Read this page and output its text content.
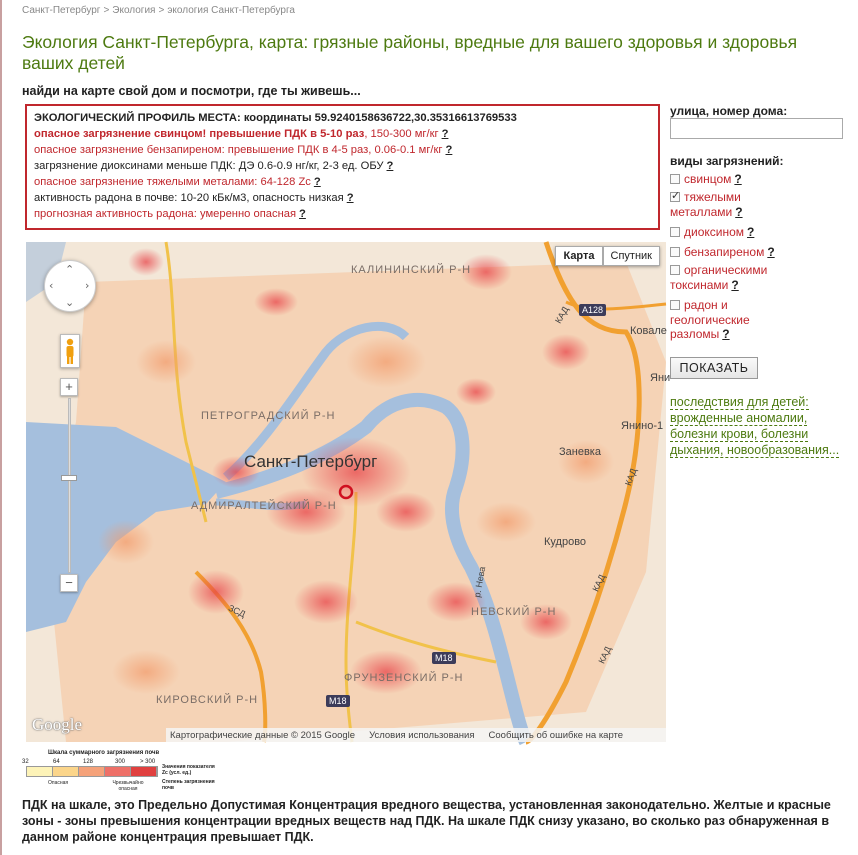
Санкт-Петербург > Экология > экология Санкт-Петербурга
Экология Санкт-Петербурга, карта: грязные районы, вредные для вашего здоровья и здоровья ваших детей
найди на карте свой дом и посмотри, где ты живешь...
ЭКОЛОГИЧЕСКИЙ ПРОФИЛЬ МЕСТА: координаты 59.9240158636722,30.35316613769533
опасное загрязнение свинцом! превышение ПДК в 5-10 раз, 150-300 мг/кг ?
опасное загрязнение бензапиреном: превышение ПДК в 4-5 раз, 0.06-0.1 мг/кг ?
загрязнение диоксинами меньше ПДК: ДЭ 0.6-0.9 нг/кг, 2-3 ед. ОБУ ?
опасное загрязнение тяжелыми металами: 64-128 Zc ?
активность радона в почве: 10-20 кБк/м3, опасность низкая ?
прогнозная активность радона: умеренно опасная ?
Карта	Спутник
⌃
⌄
‹	›
+
−
КАЛИНИНСКИЙ Р-Н
ПЕТРОГРАДСКИЙ Р-Н
АДМИРАЛТЕЙСКИЙ Р-Н
НЕВСКИЙ Р-Н
ФРУНЗЕНСКИЙ Р-Н
КИРОВСКИЙ Р-Н
Санкт-Петербург	Заневка
Янино-1
Кудрово
Ковале
Яни
А128
КАД
КАД
КАД
КАД
М18
М18
ЗСД
р. Нева
Google
Картографические данные © 2015 Google Условия использования Сообщить об ошибке на карте
улица, номер дома:
виды загрязнений:
свинцом ?
✓тяжелыми металлами ?
диоксином ?
бензапиреном ?
органическими токсинами ?
радон и геологические разломы ?
ПОКАЗАТЬ
последствия для детей: врожденные аномалии, болезни крови, болезни дыхания, новообразования...
Шкала суммарного загрязнения почв
32	64	128	300 > 300
Опасная	Чрезвычайно опасная
Значения показателя Zc (усл. ед.)
Степень загрязнения почв
ПДК на шкале, это Предельно Допустимая Концентрация вредного вещества, установленная законодательно. Желтые и красные зоны - зоны превышения концентрации вредных веществ над ПДК. На шкале ПДК снизу указано, во сколько раз обнаруженная в данном районе концентрация превышает ПДК.
